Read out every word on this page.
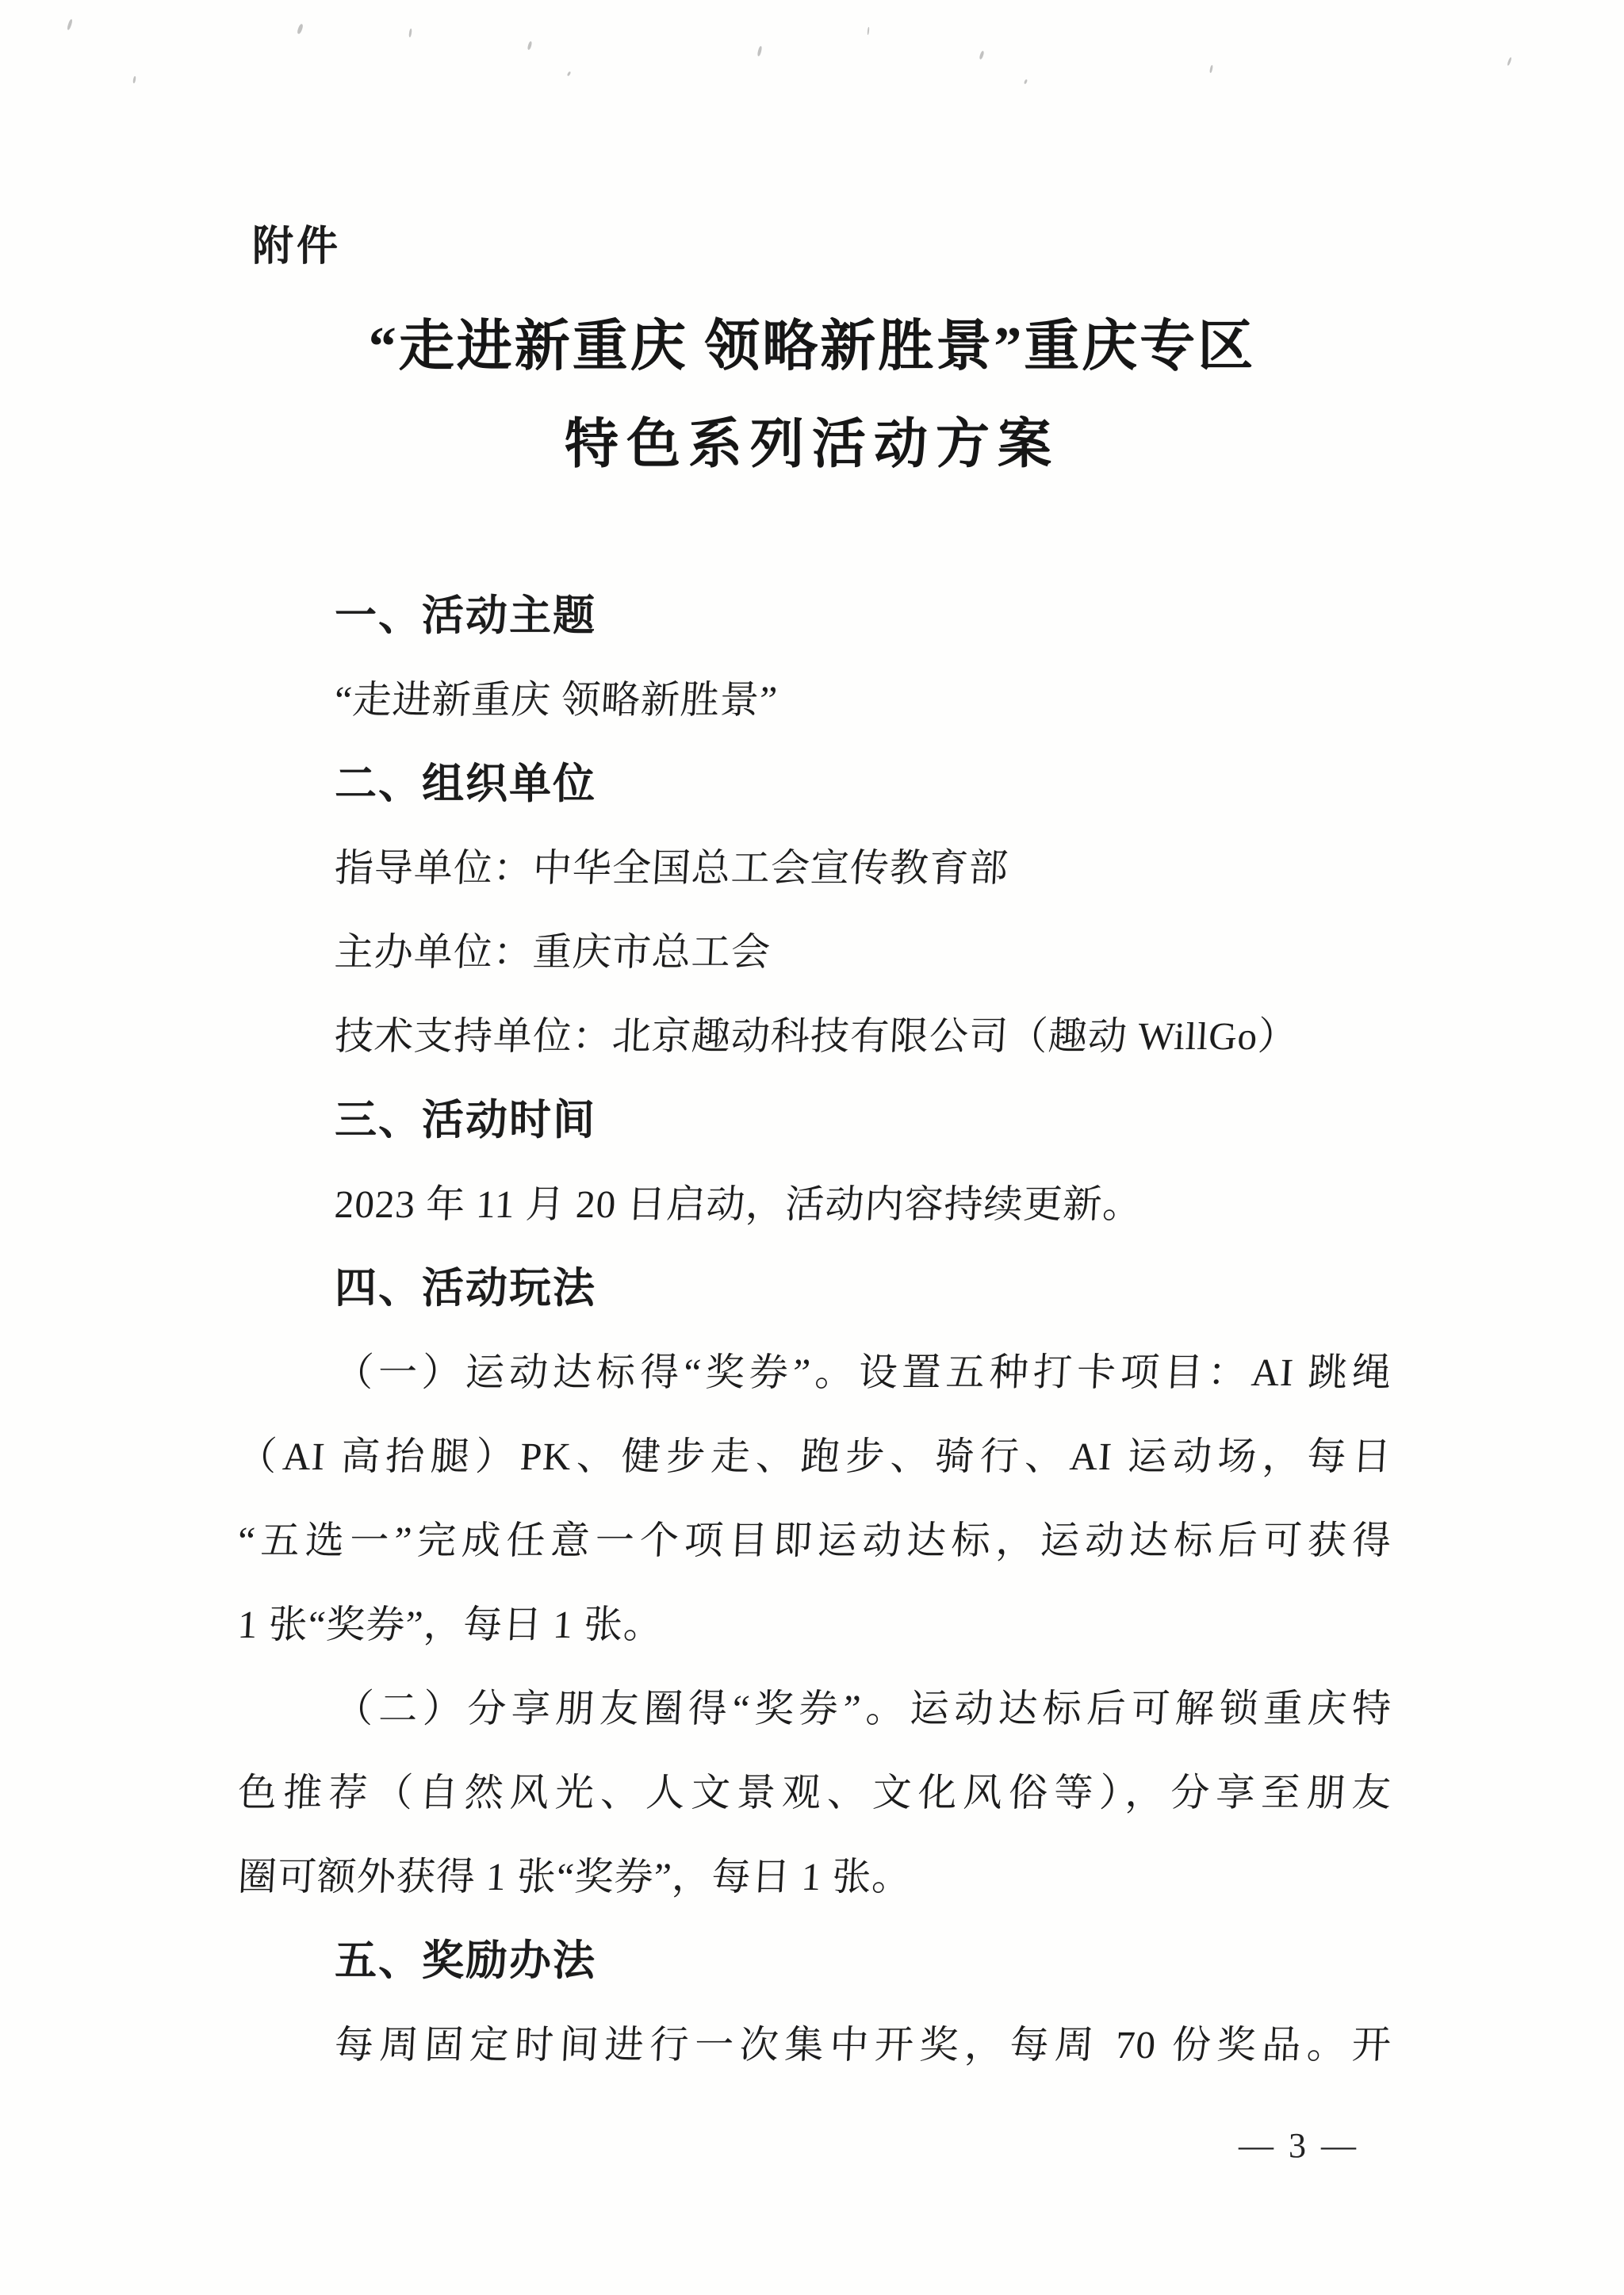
附件
“走进新重庆 领略新胜景”重庆专区
特色系列活动方案
一、活动主题
“走进新重庆 领略新胜景”
二、组织单位
指导单位：中华全国总工会宣传教育部
主办单位：重庆市总工会
技术支持单位：北京趣动科技有限公司（趣动 WillGo）
三、活动时间
2023 年 11 月 20 日启动，活动内容持续更新。
四、活动玩法
（一）运动达标得“奖券”。设置五种打卡项目：AI 跳绳
（AI 高抬腿）PK、健步走、跑步、骑行、AI 运动场，每日
“五选一”完成任意一个项目即运动达标，运动达标后可获得
1 张“奖券”，每日 1 张。
（二）分享朋友圈得“奖券”。运动达标后可解锁重庆特
色推荐（自然风光、人文景观、文化风俗等），分享至朋友
圈可额外获得 1 张“奖券”，每日 1 张。
五、奖励办法
每周固定时间进行一次集中开奖，每周 70 份奖品。开
— 3 —
